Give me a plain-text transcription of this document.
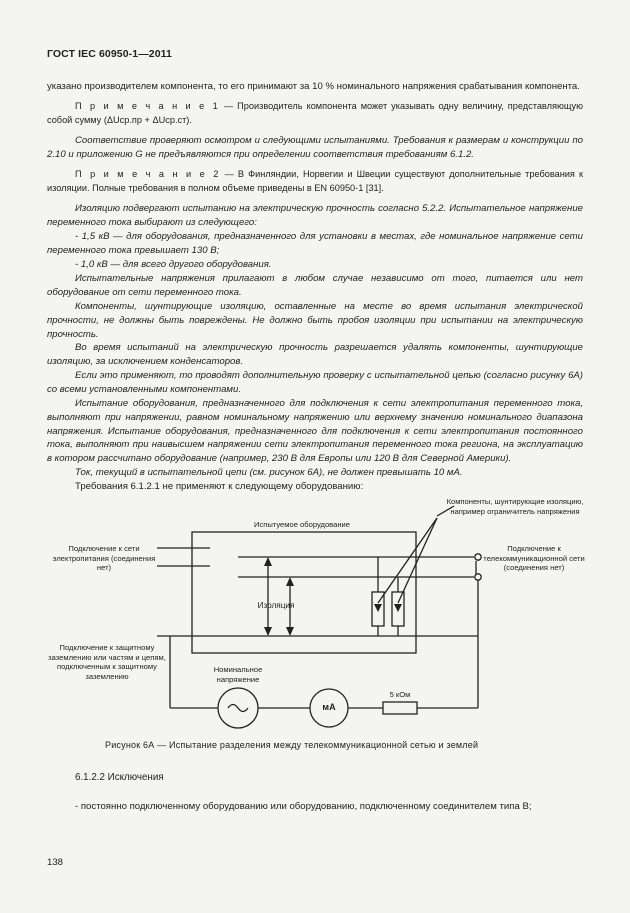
ГОСТ IEC 60950-1—2011

указано производителем компонента, то его принимают за 10 % номинального напряжения срабатывания компонента.

П р и м е ч а н и е 1 — Производитель компонента может указывать одну величину, представляющую собой сумму (ΔUср.пр + ΔUср.ст).

Соответствие проверяют осмотром и следующими испытаниями. Требования к размерам и конструкции по 2.10 и приложению G не предъявляются при определении соответствия требованиям 6.1.2.

П р и м е ч а н и е 2 — В Финляндии, Норвегии и Швеции существуют дополнительные требования к изоляции. Полные требования в полном объеме приведены в EN 60950-1 [31].

Изоляцию подвергают испытанию на электрическую прочность согласно 5.2.2. Испытательное напряжение переменного тока выбирают из следующего:

- 1,5 кВ — для оборудования, предназначенного для установки в местах, где номинальное напряжение сети переменного тока превышает 130 В;

- 1,0 кВ — для всего другого оборудования.

Испытательные напряжения прилагают в любом случае независимо от того, питается или нет оборудование от сети переменного тока.

Компоненты, шунтирующие изоляцию, оставленные на месте во время испытания электрической прочности, не должны быть повреждены. Не должно быть пробоя изоляции при испытании на электрическую прочность.

Во время испытаний на электрическую прочность разрешается удалять компоненты, шунтирующие изоляцию, за исключением конденсаторов.

Если это применяют, то проводят дополнительную проверку с испытательной цепью (согласно рисунку 6А) со всеми установленными компонентами.

Испытание оборудования, предназначенного для подключения к сети электропитания переменного тока, выполняют при напряжении, равном номинальному напряжению или верхнему значению номинального диапазона напряжения. Испытание оборудования, предназначенного для подключения к сети электропитания постоянного тока, выполняют при наивысшем напряжении сети электропитания переменного тока региона, на эксплуатацию в котором рассчитано оборудование (например, 230 В для Европы или 120 В для Северной Америки).

Ток, текущий в испытательной цепи (см. рисунок 6А), не должен превышать 10 мА.

Компоненты, шунтирующие изоляцию, например ограничитель напряжения
Испытуемое оборудование
Подключение к сети электропитания (соединения нет)
Подключение к телекоммуникационной сети (соединения нет)
Изоляция
Подключение к защитному заземлению или частям и цепям, подключенным к защитному заземлению
Номинальное напряжение
мА
5 кОм
Рисунок 6А — Испытание разделения между телекоммуникационной сетью и землей
6.1.2.2 Исключения

Требования 6.1.2.1 не применяют к следующему оборудованию:

- постоянно подключенному оборудованию или оборудованию, подключенному соединителем типа В;

138
